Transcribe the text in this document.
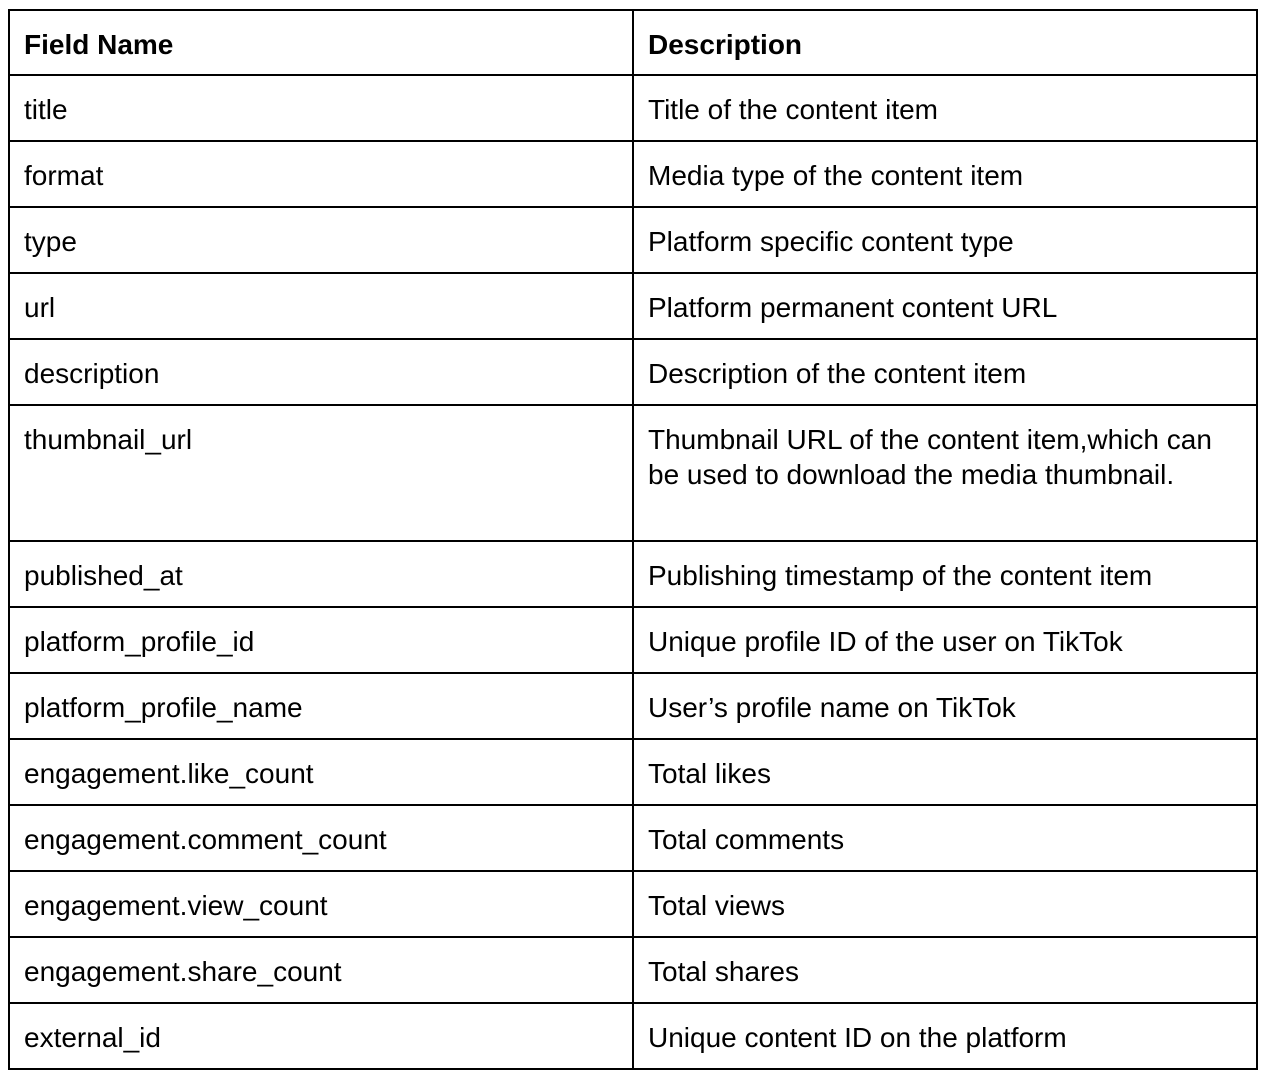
Field Name	Description
title	Title of the content item
format	Media type of the content item
type	Platform specific content type
url	Platform permanent content URL
description	Description of the content item
thumbnail_url	Thumbnail URL of the content item,which can be used to download the media thumbnail.
published_at	Publishing timestamp of the content item
platform_profile_id	Unique profile ID of the user on TikTok
platform_profile_name	User’s profile name on TikTok
engagement.like_count	Total likes
engagement.comment_count	Total comments
engagement.view_count	Total views
engagement.share_count	Total shares
external_id	Unique content ID on the platform
